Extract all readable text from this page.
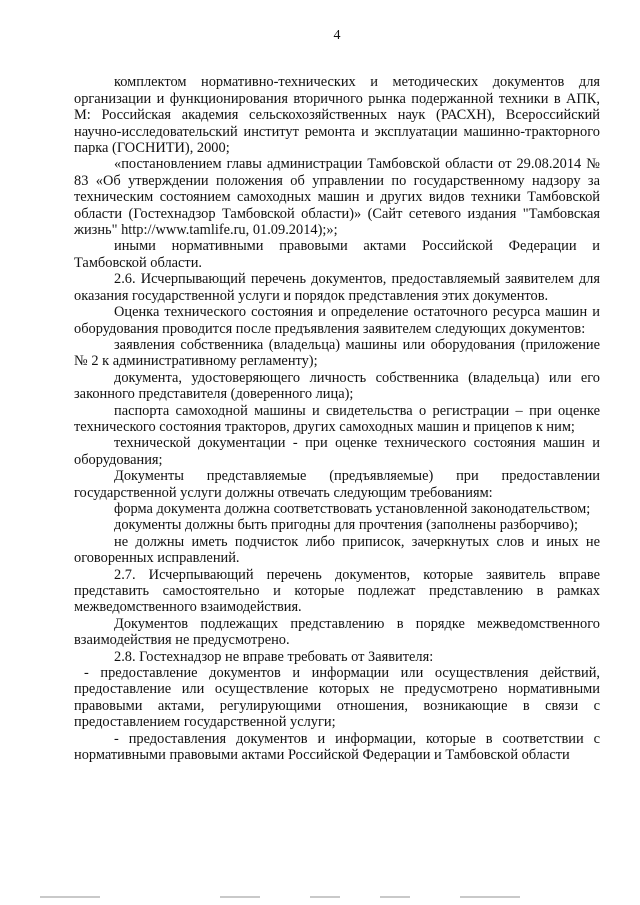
4

комплектом нормативно-технических и методических документов для организации и функционирования вторичного рынка подержанной техники в АПК, М: Российская академия сельскохозяйственных наук (РАСХН), Всероссийский научно-исследовательский институт ремонта и эксплуатации машинно-тракторного парка (ГОСНИТИ), 2000;

«постановлением главы администрации Тамбовской области от 29.08.2014 № 83 «Об утверждении положения об управлении по государственному надзору за техническим состоянием самоходных машин и других видов техники Тамбовской области (Гостехнадзор Тамбовской области)» (Сайт сетевого издания "Тамбовская жизнь" http://www.tamlife.ru, 01.09.2014);»;

иными нормативными правовыми актами Российской Федерации и Тамбовской области.

2.6. Исчерпывающий перечень документов, предоставляемый заявителем для оказания государственной услуги и порядок представления этих документов.

Оценка технического состояния и определение остаточного ресурса машин и оборудования проводится после предъявления заявителем следующих документов:

заявления собственника (владельца) машины или оборудования (приложение № 2 к административному регламенту);

документа, удостоверяющего личность собственника (владельца) или его законного представителя (доверенного лица);

паспорта самоходной машины и свидетельства о регистрации – при оценке технического состояния тракторов, других самоходных машин и прицепов к ним;

технической документации - при оценке технического состояния машин и оборудования;

Документы представляемые (предъявляемые) при предоставлении государственной услуги должны отвечать следующим требованиям:

форма документа должна соответствовать установленной законодательством;

документы должны быть пригодны для прочтения (заполнены разборчиво);

не должны иметь подчисток либо приписок, зачеркнутых слов и иных не оговоренных исправлений.

2.7. Исчерпывающий перечень документов, которые заявитель вправе представить самостоятельно и которые подлежат представлению в рамках межведомственного взаимодействия.

Документов подлежащих представлению в порядке межведомственного взаимодействия не предусмотрено.

2.8. Гостехнадзор не вправе требовать от Заявителя:

- предоставление документов и информации или осуществления действий, предоставление или осуществление которых не предусмотрено нормативными правовыми актами, регулирующими отношения, возникающие в связи с предоставлением государственной услуги;

- предоставления документов и информации, которые в соответствии с нормативными правовыми актами Российской Федерации и Тамбовской области
